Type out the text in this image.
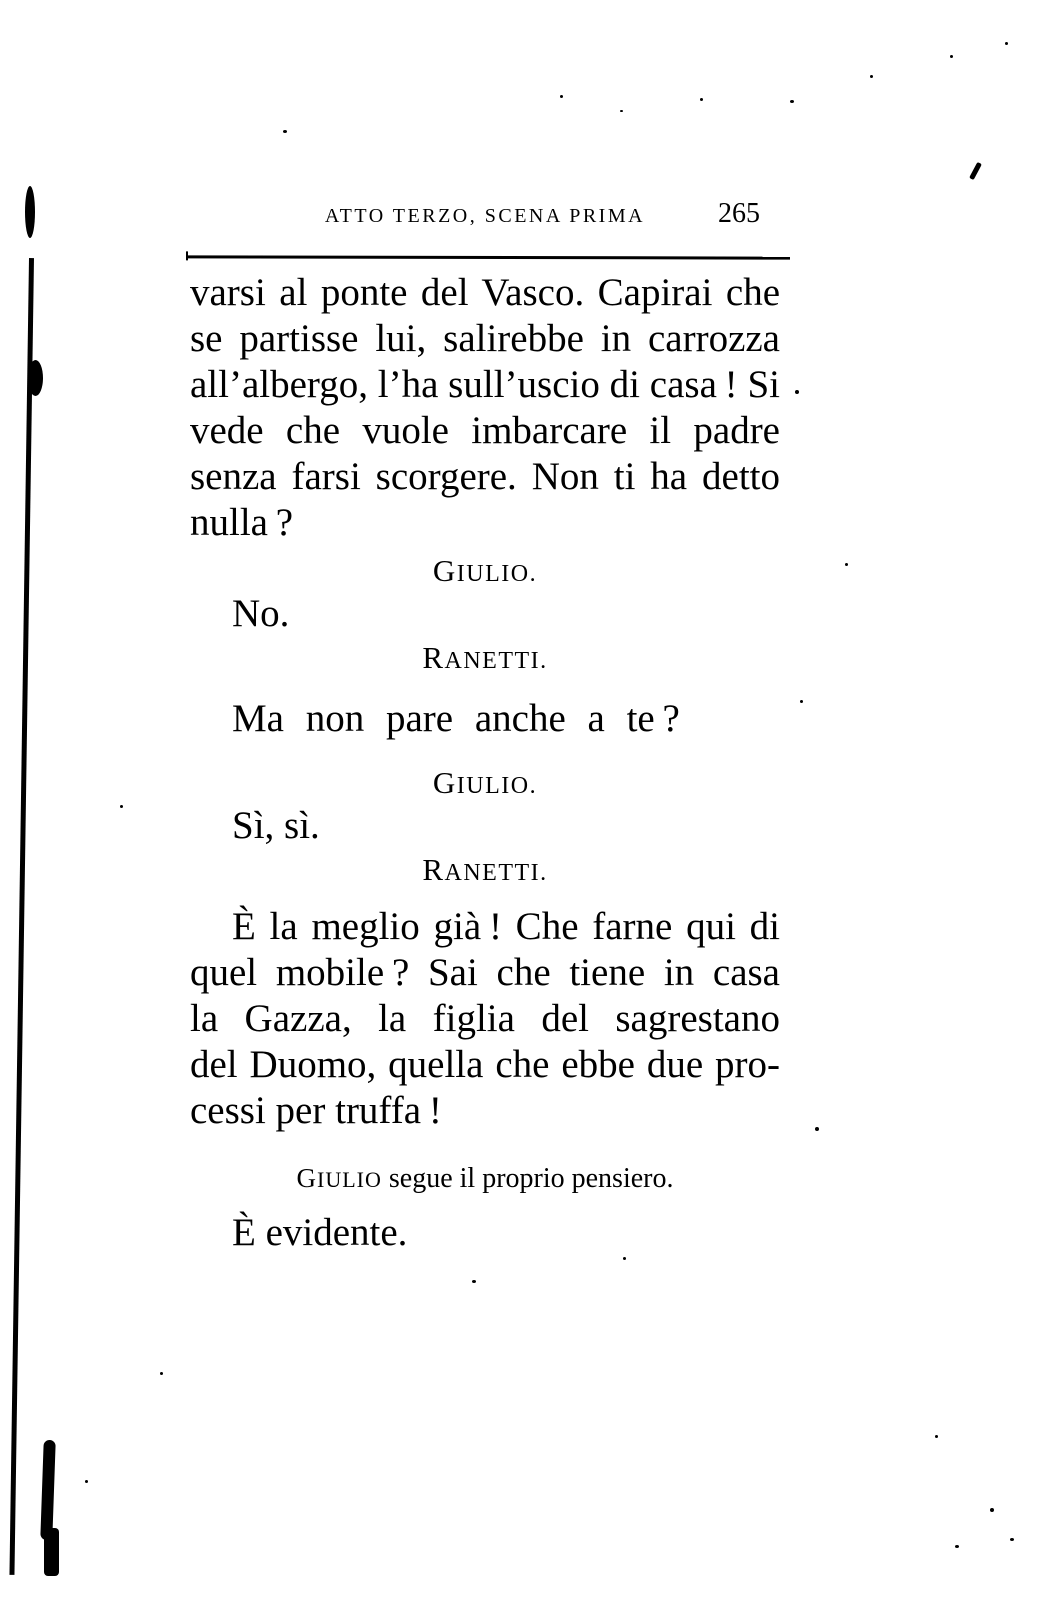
ATTO TERZO, SCENA PRIMA	265
varsi al ponte del Vasco. Capirai che
se partisse lui, salirebbe in carrozza
all’albergo, l’ha sull’uscio di casa ! Si
vede che vuole imbarcare il padre
senza farsi scorgere. Non ti ha detto
nulla ?
GIULIO.
No.
RANETTI.
Ma non pare anche a te ?
GIULIO.
Sì, sì.
RANETTI.
È la meglio già ! Che farne qui di
quel mobile ? Sai che tiene in casa
la Gazza, la figlia del sagrestano
del Duomo, quella che ebbe due pro-
cessi per truffa !
GIULIO segue il proprio pensiero.
È evidente.
